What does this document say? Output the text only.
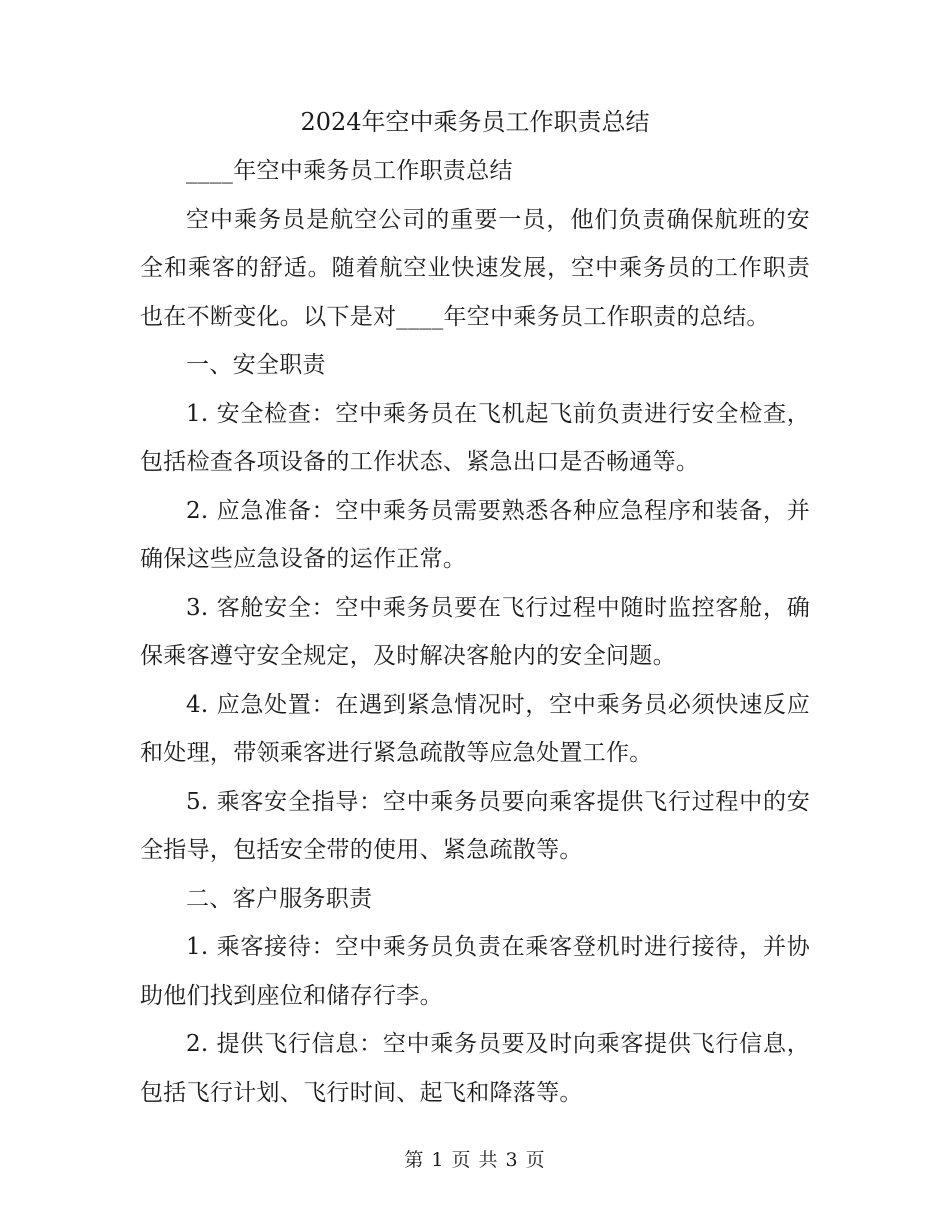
2024年空中乘务员工作职责总结

____年空中乘务员工作职责总结

空中乘务员是航空公司的重要一员，他们负责确保航班的安全和乘客的舒适。随着航空业快速发展，空中乘务员的工作职责也在不断变化。以下是对____年空中乘务员工作职责的总结。

一、安全职责

1. 安全检查：空中乘务员在飞机起飞前负责进行安全检查，包括检查各项设备的工作状态、紧急出口是否畅通等。

2. 应急准备：空中乘务员需要熟悉各种应急程序和装备，并确保这些应急设备的运作正常。

3. 客舱安全：空中乘务员要在飞行过程中随时监控客舱，确保乘客遵守安全规定，及时解决客舱内的安全问题。

4. 应急处置：在遇到紧急情况时，空中乘务员必须快速反应和处理，带领乘客进行紧急疏散等应急处置工作。

5. 乘客安全指导：空中乘务员要向乘客提供飞行过程中的安全指导，包括安全带的使用、紧急疏散等。

二、客户服务职责

1. 乘客接待：空中乘务员负责在乘客登机时进行接待，并协助他们找到座位和储存行李。

2. 提供飞行信息：空中乘务员要及时向乘客提供飞行信息，包括飞行计划、飞行时间、起飞和降落等。

第 1 页 共 3 页
